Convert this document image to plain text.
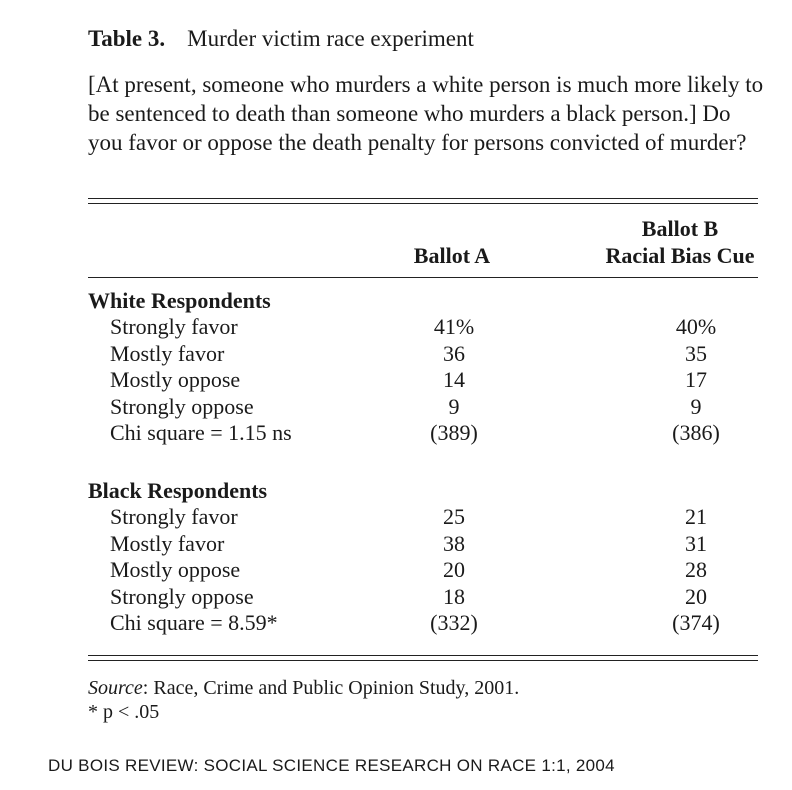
Table 3. Murder victim race experiment
[At present, someone who murders a white person is much more likely to be sentenced to death than someone who murders a black person.] Do you favor or oppose the death penalty for persons convicted of murder?
Ballot A
Ballot B
Racial Bias Cue
White Respondents
Strongly favor
Mostly favor
Mostly oppose
Strongly oppose
Chi square = 1.15 ns
41%
36
14
9
(389)
40%
35
17
9
(386)
Black Respondents
Strongly favor
Mostly favor
Mostly oppose
Strongly oppose
Chi square = 8.59*
25
38
20
18
(332)
21
31
28
20
(374)
Source: Race, Crime and Public Opinion Study, 2001.
* p < .05
DU BOIS REVIEW: SOCIAL SCIENCE RESEARCH ON RACE 1:1, 2004
